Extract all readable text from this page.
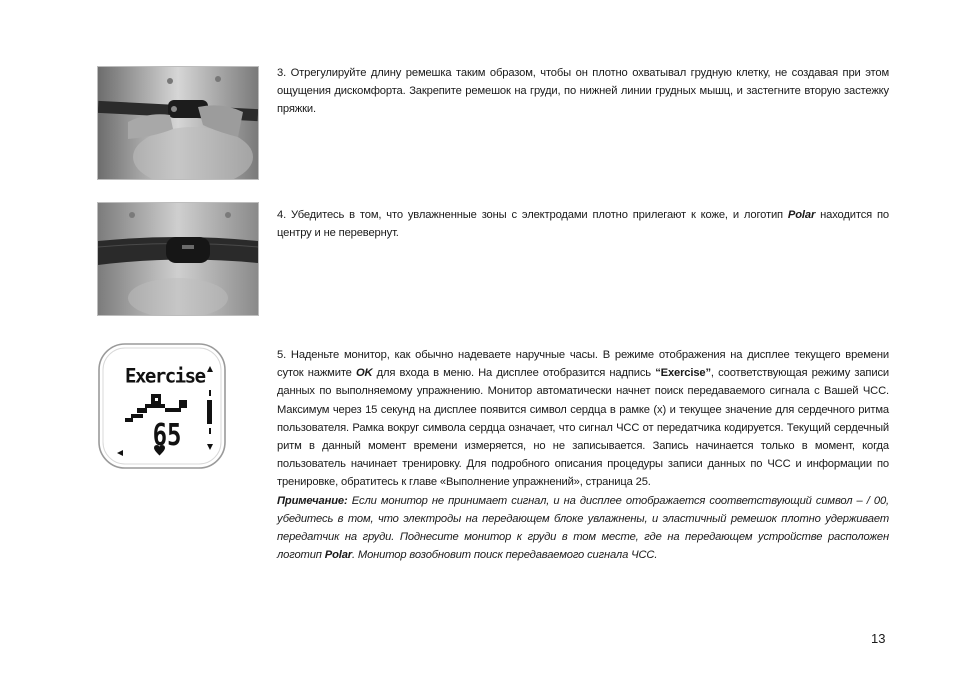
3. Отрегулируйте длину ремешка таким образом, чтобы он плотно охватывал грудную клетку, не создавая при этом ощущения дискомфорта. Закрепите ремешок на груди, по нижней линии грудных мышц, и застегните вторую застежку пряжки.
4. Убедитесь в том, что увлажненные зоны с электродами плотно прилегают к коже, и логотип Polar находится по центру и не перевернут.
Exercise
65
5. Наденьте монитор, как обычно надеваете наручные часы. В режиме отображения на дисплее текущего времени суток нажмите OK для входа в меню. На дисплее отобразится надпись “Exercise”, соответствующая режиму записи данных по выполняемому упражнению. Монитор автоматически начнет поиск передаваемого сигнала с Вашей ЧСС. Максимум через 15 секунд на дисплее появится символ сердца в рамке (x) и текущее значение для сердечного ритма пользователя. Рамка вокруг символа сердца означает, что сигнал ЧСС от передатчика кодируется. Текущий сердечный ритм в данный момент времени измеряется, но не записывается. Запись начинается только в момент, когда пользователь начинает тренировку. Для подробного описания процедуры записи данных по ЧСС и информации по тренировке, обратитесь к главе «Выполнение упражнений», страница 25.
Примечание: Если монитор не принимает сигнал, и на дисплее отображается соответствующий символ – / 00, убедитесь в том, что электроды на передающем блоке увлажнены, и эластичный ремешок плотно удерживает передатчик на груди. Поднесите монитор к груди в том месте, где на передающем устройстве расположен логотип Polar. Монитор возобновит поиск передаваемого сигнала ЧСС.
13
